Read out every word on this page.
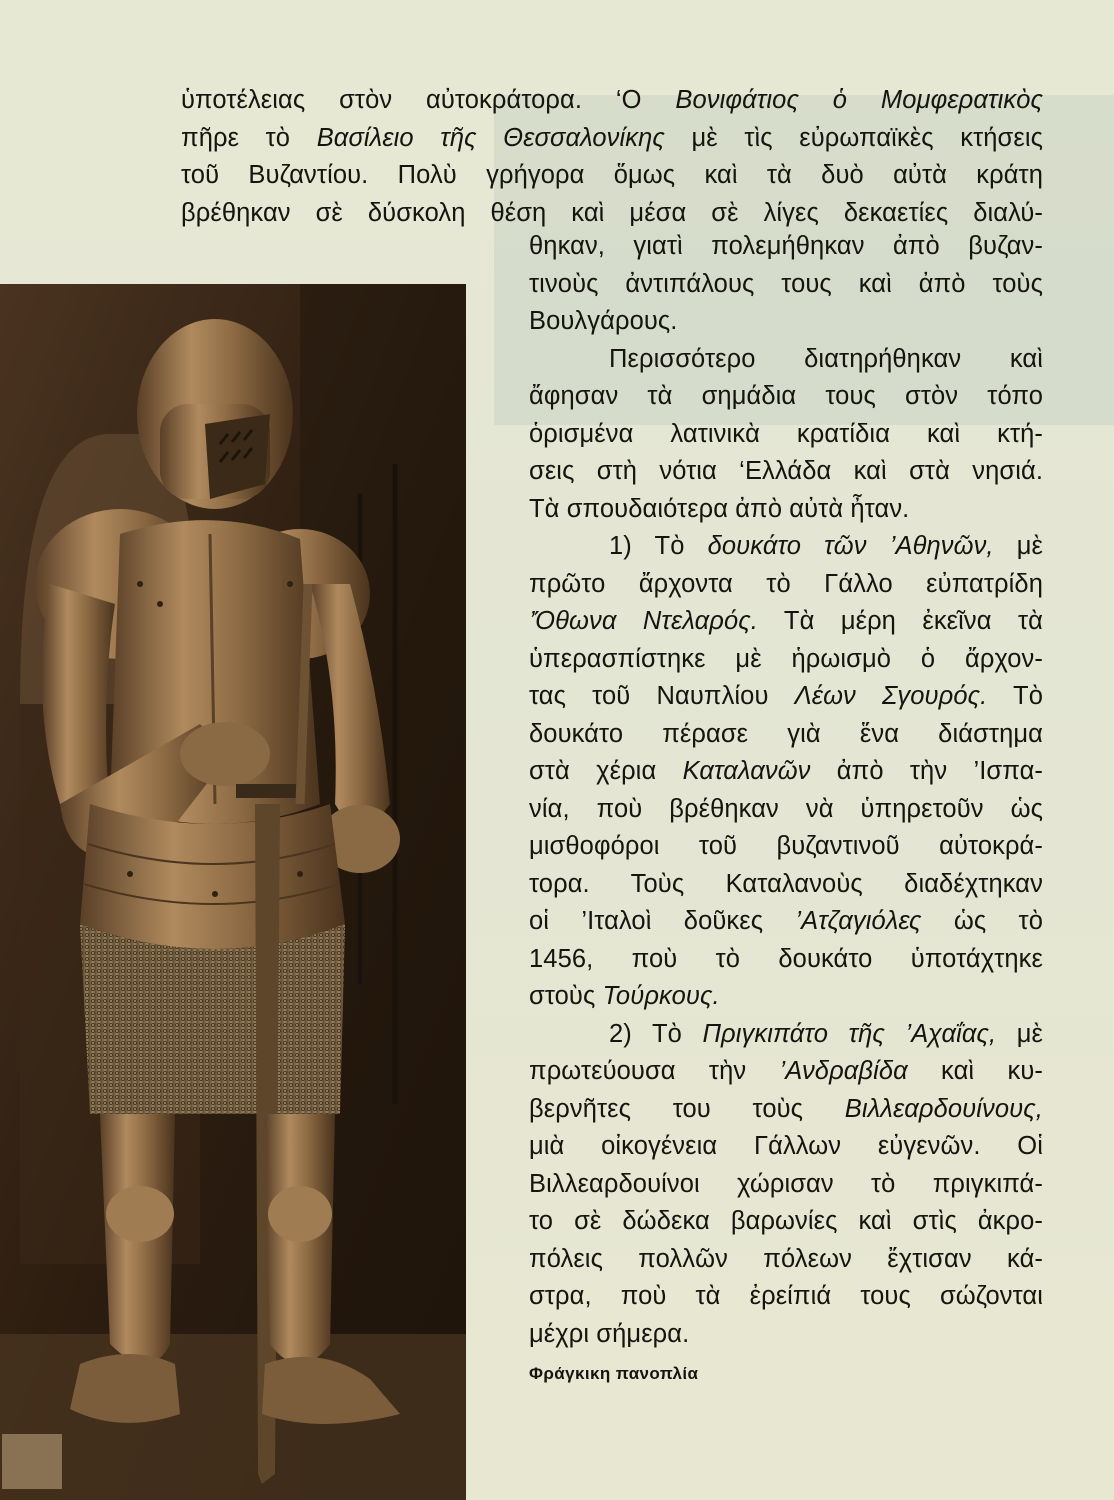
ὑποτέλειας στὸν αὐτοκράτορα. ‘Ο Βονιφάτιος ὁ Μομφερατικὸς
πῆρε τὸ Βασίλειο τῆς Θεσσαλονίκης μὲ τὶς εὐρωπαϊκὲς κτήσεις
τοῦ Βυζαντίου. Πολὺ γρήγορα ὅμως καὶ τὰ δυὸ αὐτὰ κράτη
βρέθηκαν σὲ δύσκολη θέση καὶ μέσα σὲ λίγες δεκαετίες διαλύ-
θηκαν, γιατὶ πολεμήθηκαν ἀπὸ βυζαν-
τινοὺς ἀντιπάλους τους καὶ ἀπὸ τοὺς
Βουλγάρους.
Περισσότερο διατηρήθηκαν καὶ
ἄφησαν τὰ σημάδια τους στὸν τόπο
ὁρισμένα λατινικὰ κρατίδια καὶ κτή-
σεις στὴ νότια ‘Ελλάδα καὶ στὰ νησιά.
Τὰ σπουδαιότερα ἀπὸ αὐτὰ ἦταν.
1) Τὸ δουκάτο τῶν ’Αθηνῶν, μὲ
πρῶτο ἄρχοντα τὸ Γάλλο εὐπατρίδη
’Όθωνα Ντελαρός. Τὰ μέρη ἐκεῖνα τὰ
ὑπερασπίστηκε μὲ ἡρωισμὸ ὁ ἄρχον-
τας τοῦ Ναυπλίου Λέων Σγουρός. Τὸ
δουκάτο πέρασε γιὰ ἕνα διάστημα
στὰ χέρια Καταλανῶν ἀπὸ τὴν ’Ισπα-
νία, ποὺ βρέθηκαν νὰ ὑπηρετοῦν ὡς
μισθοφόροι τοῦ βυζαντινοῦ αὐτοκρά-
τορα. Τοὺς Καταλανοὺς διαδέχτηκαν
οἱ ’Ιταλοὶ δοῦκες ’Ατζαγιόλες ὡς τὸ
1456, ποὺ τὸ δουκάτο ὑποτάχτηκε
στοὺς Τούρκους.
2) Τὸ Πριγκιπάτο τῆς ’Αχαΐας, μὲ
πρωτεύουσα τὴν ’Ανδραβίδα καὶ κυ-
βερνῆτες του τοὺς Βιλλεαρδουίνους,
μιὰ οἰκογένεια Γάλλων εὐγενῶν. Οἱ
Βιλλεαρδουίνοι χώρισαν τὸ πριγκιπά-
το σὲ δώδεκα βαρωνίες καὶ στὶς ἀκρο-
πόλεις πολλῶν πόλεων ἔχτισαν κά-
στρα, ποὺ τὰ ἐρείπιά τους σώζονται
μέχρι σήμερα.
Φράγκικη πανοπλία
